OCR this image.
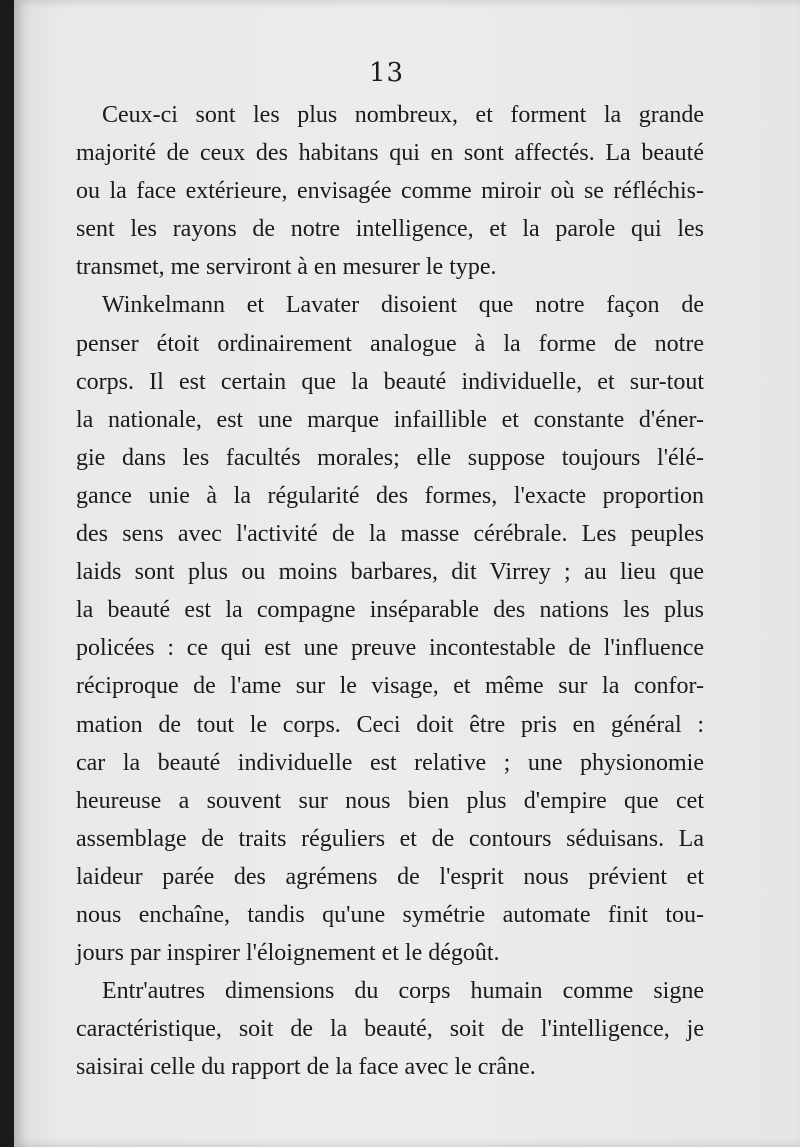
13
Ceux-ci sont les plus nombreux, et forment la grande
majorité de ceux des habitans qui en sont affectés. La beauté
ou la face extérieure, envisagée comme miroir où se réfléchis-
sent les rayons de notre intelligence, et la parole qui les
transmet, me serviront à en mesurer le type.
Winkelmann et Lavater disoient que notre façon de
penser étoit ordinairement analogue à la forme de notre
corps. Il est certain que la beauté individuelle, et sur-tout
la nationale, est une marque infaillible et constante d'éner-
gie dans les facultés morales; elle suppose toujours l'élé-
gance unie à la régularité des formes, l'exacte proportion
des sens avec l'activité de la masse cérébrale. Les peuples
laids sont plus ou moins barbares, dit Virrey ; au lieu que
la beauté est la compagne inséparable des nations les plus
policées : ce qui est une preuve incontestable de l'influence
réciproque de l'ame sur le visage, et même sur la confor-
mation de tout le corps. Ceci doit être pris en général :
car la beauté individuelle est relative ; une physionomie
heureuse a souvent sur nous bien plus d'empire que cet
assemblage de traits réguliers et de contours séduisans. La
laideur parée des agrémens de l'esprit nous prévient et
nous enchaîne, tandis qu'une symétrie automate finit tou-
jours par inspirer l'éloignement et le dégoût.
Entr'autres dimensions du corps humain comme signe
caractéristique, soit de la beauté, soit de l'intelligence, je
saisirai celle du rapport de la face avec le crâne.
